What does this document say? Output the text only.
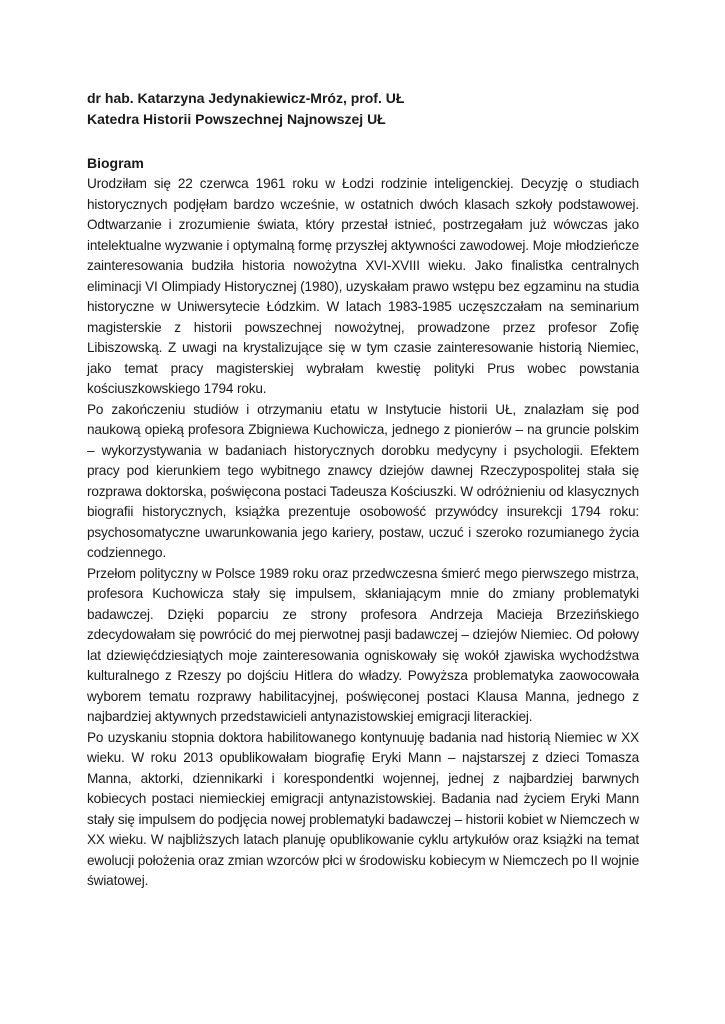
dr hab. Katarzyna Jedynakiewicz-Mróz, prof. UŁ

Katedra Historii Powszechnej Najnowszej UŁ

Biogram

Urodziłam się 22 czerwca 1961 roku w Łodzi rodzinie inteligenckiej. Decyzję o studiach historycznych podjęłam bardzo wcześnie, w ostatnich dwóch klasach szkoły podstawowej. Odtwarzanie i zrozumienie świata, który przestał istnieć, postrzegałam już wówczas jako intelektualne wyzwanie i optymalną formę przyszłej aktywności zawodowej. Moje młodzieńcze zainteresowania budziła historia nowożytna XVI-XVIII wieku. Jako finalistka centralnych eliminacji VI Olimpiady Historycznej (1980), uzyskałam prawo wstępu bez egzaminu na studia historyczne w Uniwersytecie Łódzkim. W latach 1983-1985 uczęszczałam na seminarium magisterskie z historii powszechnej nowożytnej, prowadzone przez profesor Zofię Libiszowską. Z uwagi na krystalizujące się w tym czasie zainteresowanie historią Niemiec, jako temat pracy magisterskiej wybrałam kwestię polityki Prus wobec powstania kościuszkowskiego 1794 roku.

Po zakończeniu studiów i otrzymaniu etatu w Instytucie historii UŁ, znalazłam się pod naukową opieką profesora Zbigniewa Kuchowicza, jednego z pionierów – na gruncie polskim – wykorzystywania w badaniach historycznych dorobku medycyny i psychologii. Efektem pracy pod kierunkiem tego wybitnego znawcy dziejów dawnej Rzeczypospolitej stała się rozprawa doktorska, poświęcona postaci Tadeusza Kościuszki. W odróżnieniu od klasycznych biografii historycznych, książka prezentuje osobowość przywódcy insurekcji 1794 roku: psychosomatyczne uwarunkowania jego kariery, postaw, uczuć i szeroko rozumianego życia codziennego.

Przełom polityczny w Polsce 1989 roku oraz przedwczesna śmierć mego pierwszego mistrza, profesora Kuchowicza stały się impulsem, skłaniającym mnie do zmiany problematyki badawczej. Dzięki poparciu ze strony profesora Andrzeja Macieja Brzezińskiego zdecydowałam się powrócić do mej pierwotnej pasji badawczej – dziejów Niemiec. Od połowy lat dziewięćdziesiątych moje zainteresowania ogniskowały się wokół zjawiska wychodźstwa kulturalnego z Rzeszy po dojściu Hitlera do władzy. Powyższa problematyka zaowocowała wyborem tematu rozprawy habilitacyjnej, poświęconej postaci Klausa Manna, jednego z najbardziej aktywnych przedstawicieli antynazistowskiej emigracji literackiej.

Po uzyskaniu stopnia doktora habilitowanego kontynuuję badania nad historią Niemiec w XX wieku. W roku 2013 opublikowałam biografię Eryki Mann – najstarszej z dzieci Tomasza Manna, aktorki, dziennikarki i korespondentki wojennej, jednej z najbardziej barwnych kobiecych postaci niemieckiej emigracji antynazistowskiej. Badania nad życiem Eryki Mann stały się impulsem do podjęcia nowej problematyki badawczej – historii kobiet w Niemczech w XX wieku. W najbliższych latach planuję opublikowanie cyklu artykułów oraz książki na temat ewolucji położenia oraz zmian wzorców płci w środowisku kobiecym w Niemczech po II wojnie światowej.
